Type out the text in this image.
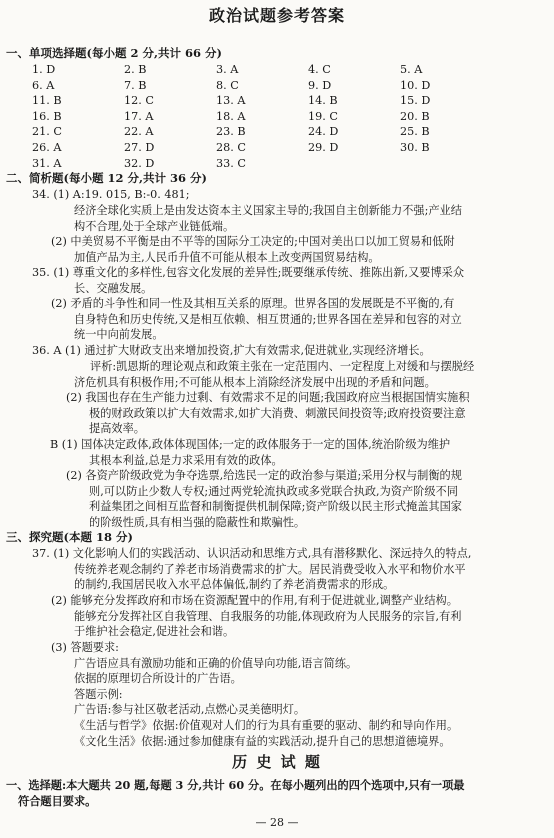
政治试题参考答案
一、单项选择题(每小题 2 分,共计 66 分)
1. D	2. B	3. A	4. C	5. A
6. A	7. B	8. C	9. D	10. D
11. B	12. C	13. A	14. B	15. D
16. B	17. A	18. A	19. C	20. B
21. C	22. A	23. B	24. D	25. B
26. A	27. D	28. C	29. D	30. B
31. A	32. D	33. C
二、简析题(每小题 12 分,共计 36 分)
34. (1) A:19. 015, B:-0. 481;
经济全球化实质上是由发达资本主义国家主导的;我国自主创新能力不强;产业结
构不合理,处于全球产业链低端。
(2) 中美贸易不平衡是由不平等的国际分工决定的;中国对美出口以加工贸易和低附
加值产品为主,人民币升值不可能从根本上改变两国贸易结构。
35. (1) 尊重文化的多样性,包容文化发展的差异性;既要继承传统、推陈出新,又要博采众
长、交融发展。
(2) 矛盾的斗争性和同一性及其相互关系的原理。世界各国的发展既是不平衡的,有
自身特色和历史传统,又是相互依赖、相互贯通的;世界各国在差异和包容的对立
统一中向前发展。
36. A (1) 通过扩大财政支出来增加投资,扩大有效需求,促进就业,实现经济增长。
评析:凯恩斯的理论观点和政策主张在一定范围内、一定程度上对缓和与摆脱经
济危机具有积极作用;不可能从根本上消除经济发展中出现的矛盾和问题。
(2) 我国也存在生产能力过剩、有效需求不足的问题;我国政府应当根据国情实施积
极的财政政策以扩大有效需求,如扩大消费、刺激民间投资等;政府投资要注意
提高效率。
B (1) 国体决定政体,政体体现国体;一定的政体服务于一定的国体,统治阶级为维护
其根本利益,总是力求采用有效的政体。
(2) 各资产阶级政党为争夺选票,给选民一定的政治参与渠道;采用分权与制衡的规
则,可以防止少数人专权;通过两党轮流执政或多党联合执政,为资产阶级不同
利益集团之间相互监督和制衡提供机制保障;资产阶级以民主形式掩盖其国家
的阶级性质,具有相当强的隐蔽性和欺骗性。
三、探究题(本题 18 分)
37. (1) 文化影响人们的实践活动、认识活动和思维方式,具有潜移默化、深远持久的特点,
传统养老观念制约了养老市场消费需求的扩大。居民消费受收入水平和物价水平
的制约,我国居民收入水平总体偏低,制约了养老消费需求的形成。
(2) 能够充分发挥政府和市场在资源配置中的作用,有利于促进就业,调整产业结构。
能够充分发挥社区自我管理、自我服务的功能,体现政府为人民服务的宗旨,有利
于维护社会稳定,促进社会和谐。
(3) 答题要求:
广告语应具有激励功能和正确的价值导向功能,语言简练。
依据的原理切合所设计的广告语。
答题示例:
广告语:参与社区敬老活动,点燃心灵美德明灯。
《生活与哲学》依据:价值观对人们的行为具有重要的驱动、制约和导向作用。
《文化生活》依据:通过参加健康有益的实践活动,提升自己的思想道德境界。
历 史 试 题
一、选择题:本大题共 20 题,每题 3 分,共计 60 分。在每小题列出的四个选项中,只有一项最
符合题目要求。
— 28 —
